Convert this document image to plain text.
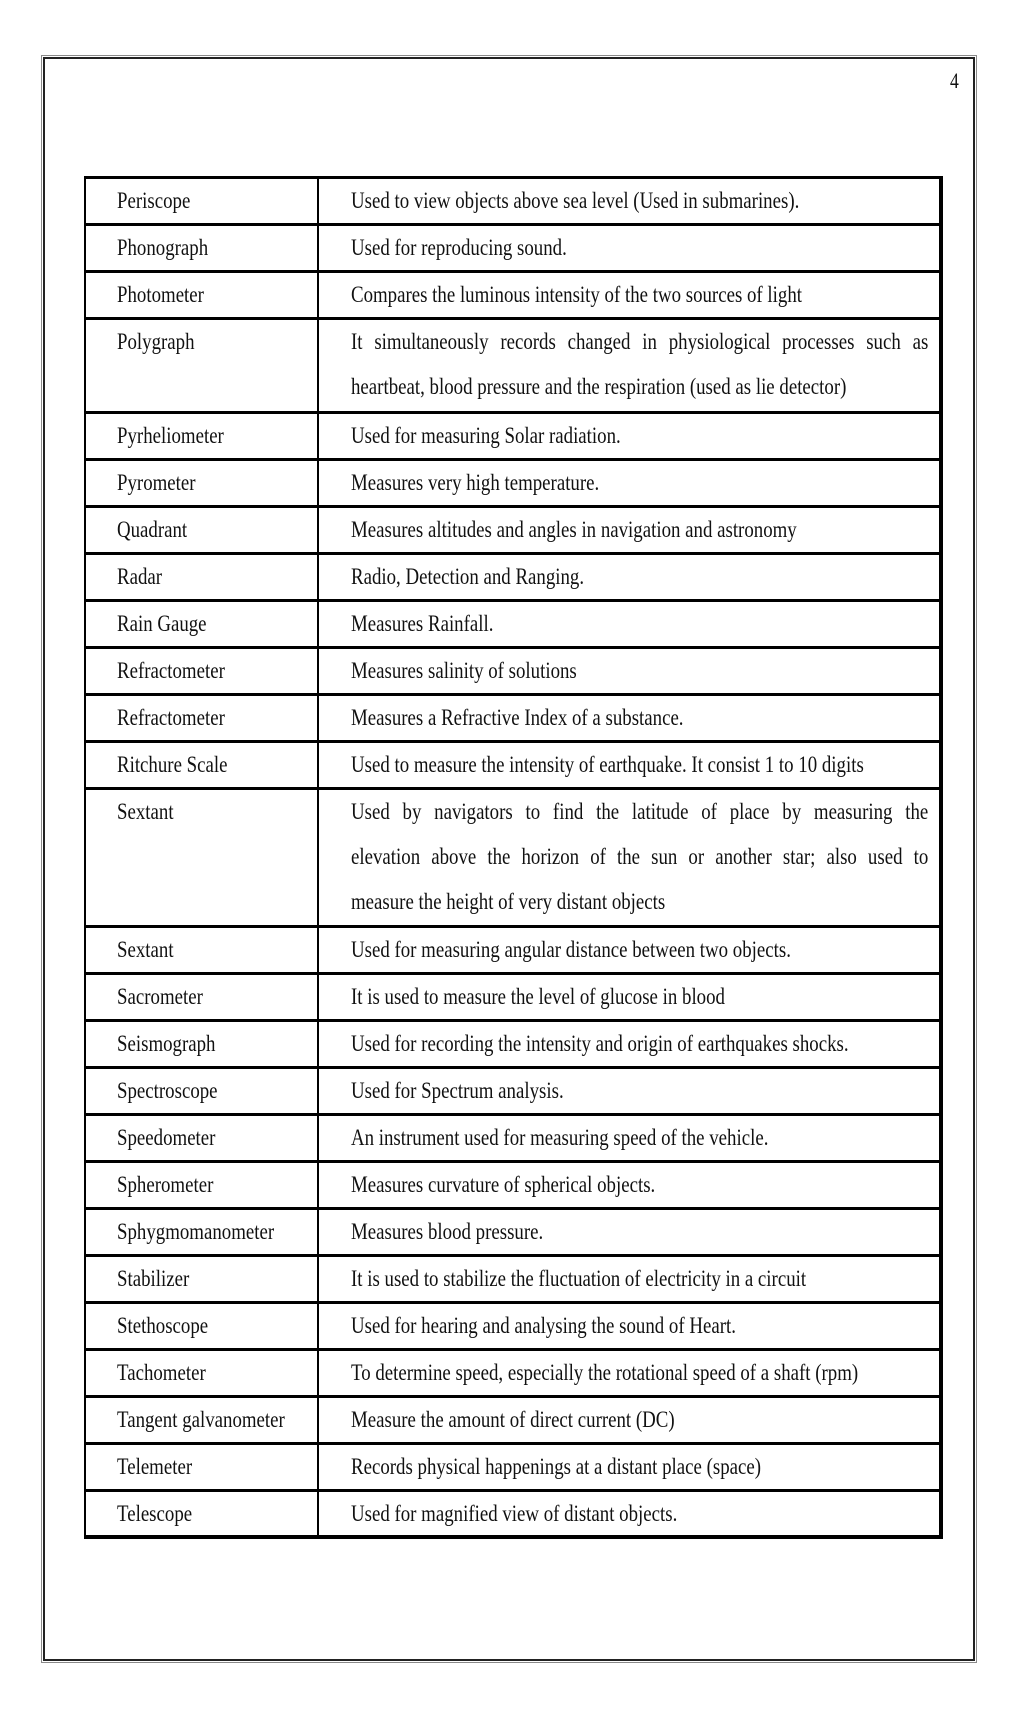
4
Periscope	Used to view objects above sea level (Used in submarines).
Phonograph	Used for reproducing sound.
Photometer	Compares the luminous intensity of the two sources of light
Polygraph	It simultaneously records changed in physiological processes such as
heartbeat, blood pressure and the respiration (used as lie detector)
Pyrheliometer	Used for measuring Solar radiation.
Pyrometer	Measures very high temperature.
Quadrant	Measures altitudes and angles in navigation and astronomy
Radar	Radio, Detection and Ranging.
Rain Gauge	Measures Rainfall.
Refractometer	Measures salinity of solutions
Refractometer	Measures a Refractive Index of a substance.
Ritchure Scale	Used to measure the intensity of earthquake. It consist 1 to 10 digits
Sextant	Used by navigators to find the latitude of place by measuring the
elevation above the horizon of the sun or another star; also used to
measure the height of very distant objects
Sextant	Used for measuring angular distance between two objects.
Sacrometer	It is used to measure the level of glucose in blood
Seismograph	Used for recording the intensity and origin of earthquakes shocks.
Spectroscope	Used for Spectrum analysis.
Speedometer	An instrument used for measuring speed of the vehicle.
Spherometer	Measures curvature of spherical objects.
Sphygmomanometer	Measures blood pressure.
Stabilizer	It is used to stabilize the fluctuation of electricity in a circuit
Stethoscope	Used for hearing and analysing the sound of Heart.
Tachometer	To determine speed, especially the rotational speed of a shaft (rpm)
Tangent galvanometer	Measure the amount of direct current (DC)
Telemeter	Records physical happenings at a distant place (space)
Telescope	Used for magnified view of distant objects.
